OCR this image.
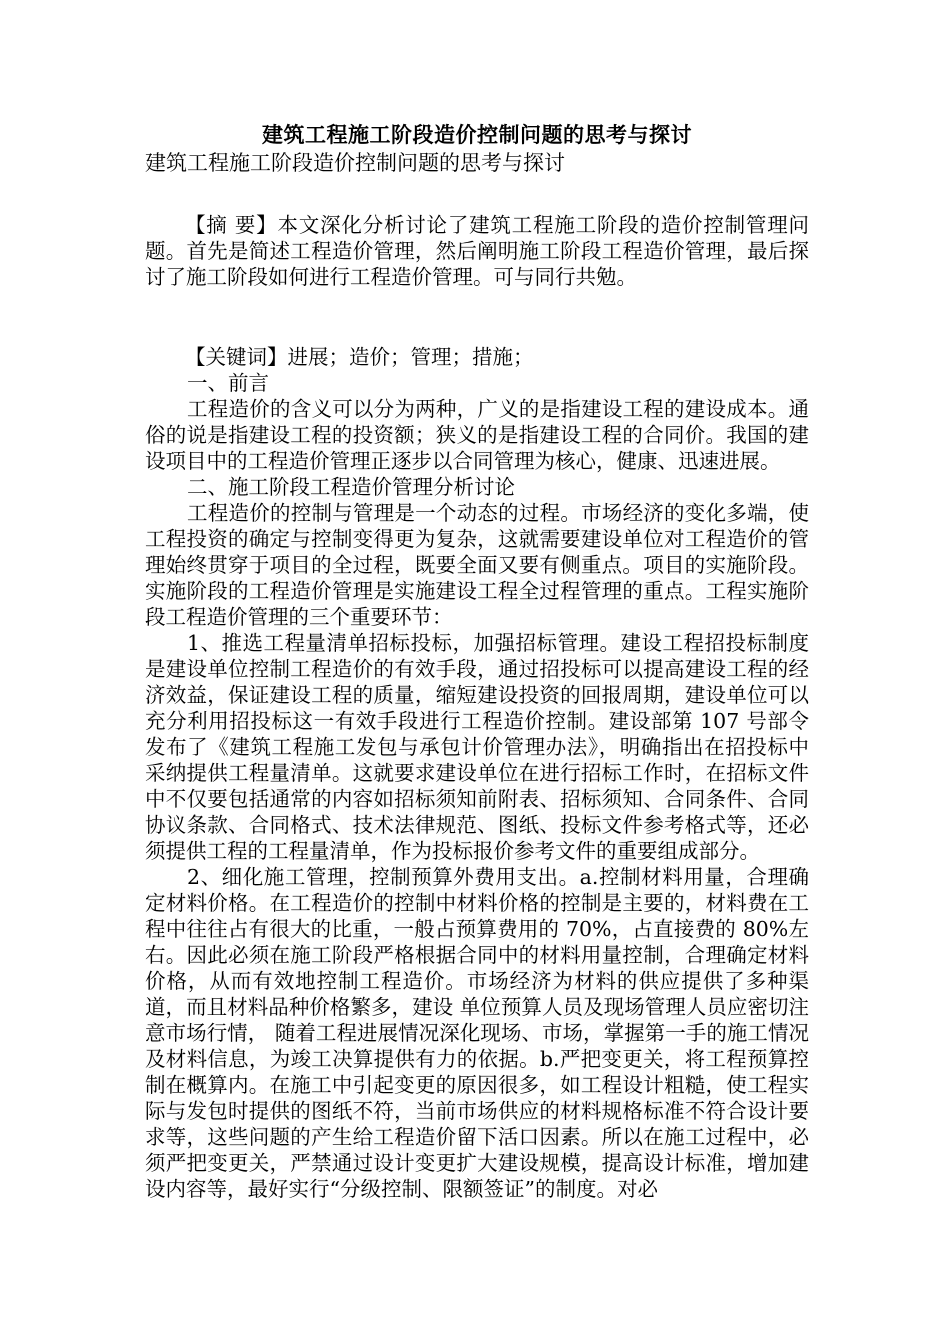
建筑工程施工阶段造价控制问题的思考与探讨

建筑工程施工阶段造价控制问题的思考与探讨

【摘 要】本文深化分析讨论了建筑工程施工阶段的造价控制管理问题。首先是简述工程造价管理，然后阐明施工阶段工程造价管理，最后探讨了施工阶段如何进行工程造价管理。可与同行共勉。

【关键词】进展；造价；管理；措施；

一、前言

工程造价的含义可以分为两种，广义的是指建设工程的建设成本。通俗的说是指建设工程的投资额；狭义的是指建设工程的合同价。我国的建设项目中的工程造价管理正逐步以合同管理为核心，健康、迅速进展。

二、施工阶段工程造价管理分析讨论

工程造价的控制与管理是一个动态的过程。市场经济的变化多端，使工程投资的确定与控制变得更为复杂，这就需要建设单位对工程造价的管理始终贯穿于项目的全过程，既要全面又要有侧重点。项目的实施阶段。实施阶段的工程造价管理是实施建设工程全过程管理的重点。工程实施阶段工程造价管理的三个重要环节：

1、推选工程量清单招标投标，加强招标管理。建设工程招投标制度是建设单位控制工程造价的有效手段，通过招投标可以提高建设工程的经济效益，保证建设工程的质量，缩短建设投资的回报周期，建设单位可以充分利用招投标这一有效手段进行工程造价控制。建设部第 107 号部令发布了《建筑工程施工发包与承包计价管理办法》，明确指出在招投标中采纳提供工程量清单。这就要求建设单位在进行招标工作时，在招标文件中不仅要包括通常的内容如招标须知前附表、招标须知、合同条件、合同协议条款、合同格式、技术法律规范、图纸、投标文件参考格式等，还必须提供工程的工程量清单，作为投标报价参考文件的重要组成部分。

2、细化施工管理，控制预算外费用支出。a.控制材料用量，合理确定材料价格。在工程造价的控制中材料价格的控制是主要的，材料费在工程中往往占有很大的比重，一般占预算费用的 70%，占直接费的 80%左右。因此必须在施工阶段严格根据合同中的材料用量控制，合理确定材料价格，从而有效地控制工程造价。市场经济为材料的供应提供了多种渠道，而且材料品种价格繁多，建设 单位预算人员及现场管理人员应密切注意市场行情， 随着工程进展情况深化现场、市场，掌握第一手的施工情况及材料信息，为竣工决算提供有力的依据。b.严把变更关，将工程预算控制在概算内。在施工中引起变更的原因很多，如工程设计粗糙，使工程实际与发包时提供的图纸不符，当前市场供应的材料规格标准不符合设计要求等，这些问题的产生给工程造价留下活口因素。所以在施工过程中，必须严把变更关，严禁通过设计变更扩大建设规模，提高设计标准，增加建设内容等，最好实行“分级控制、限额签证”的制度。对必
